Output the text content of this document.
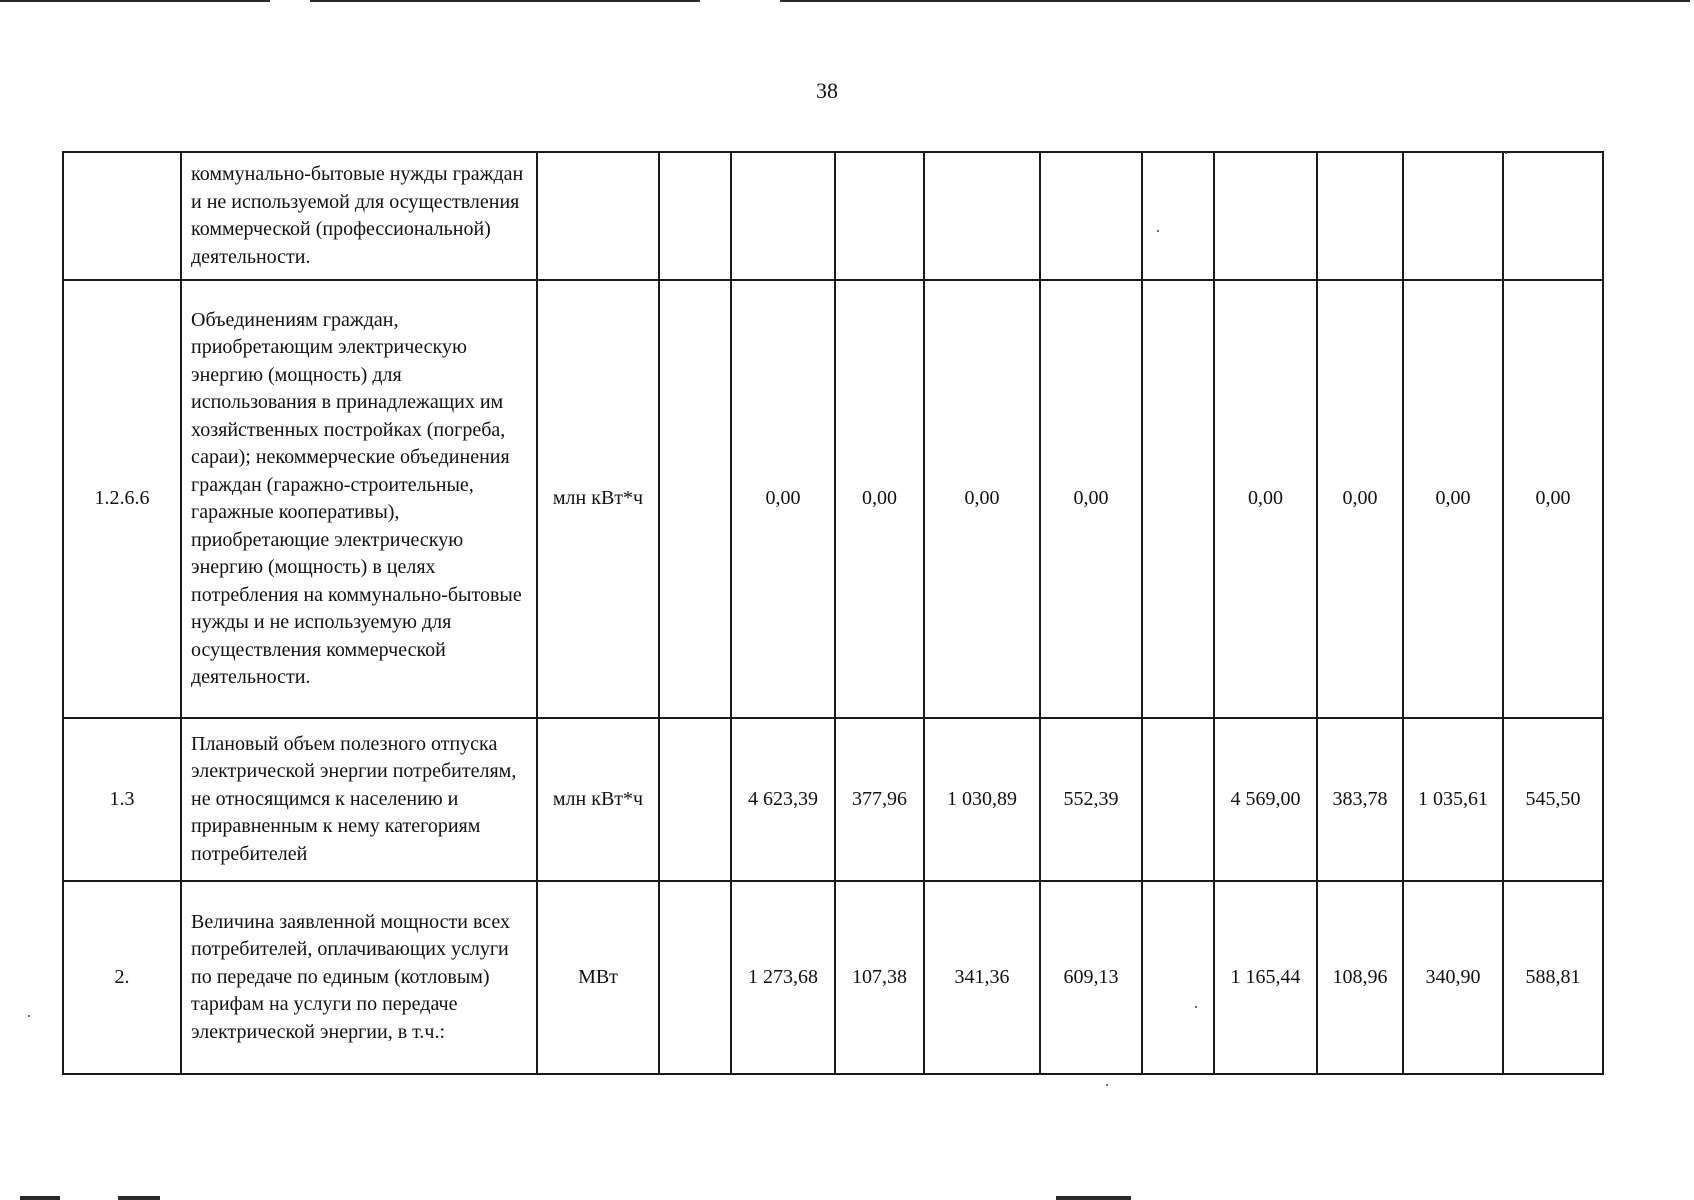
38
	коммунально-бытовые нужды граждан и не используемой для осуществления коммерческой (профессиональной) деятельности.											
1.2.6.6	Объединениям граждан, приобретающим электрическую энергию (мощность) для использования в принадлежащих им хозяйственных постройках (погреба, сараи); некоммерческие объединения граждан (гаражно-строительные, гаражные кооперативы), приобретающие электрическую энергию (мощность) в целях потребления на коммунально-бытовые нужды и не используемую для осуществления коммерческой деятельности.	млн кВт*ч		0,00	0,00	0,00	0,00		0,00	0,00	0,00	0,00
1.3	Плановый объем полезного отпуска электрической энергии потребителям, не относящимся к населению и приравненным к нему категориям потребителей	млн кВт*ч		4 623,39	377,96	1 030,89	552,39		4 569,00	383,78	1 035,61	545,50
2.	Величина заявленной мощности всех потребителей, оплачивающих услуги по передаче по единым (котловым) тарифам на услуги по передаче электрической энергии, в т.ч.:	МВт		1 273,68	107,38	341,36	609,13		1 165,44	108,96	340,90	588,81
